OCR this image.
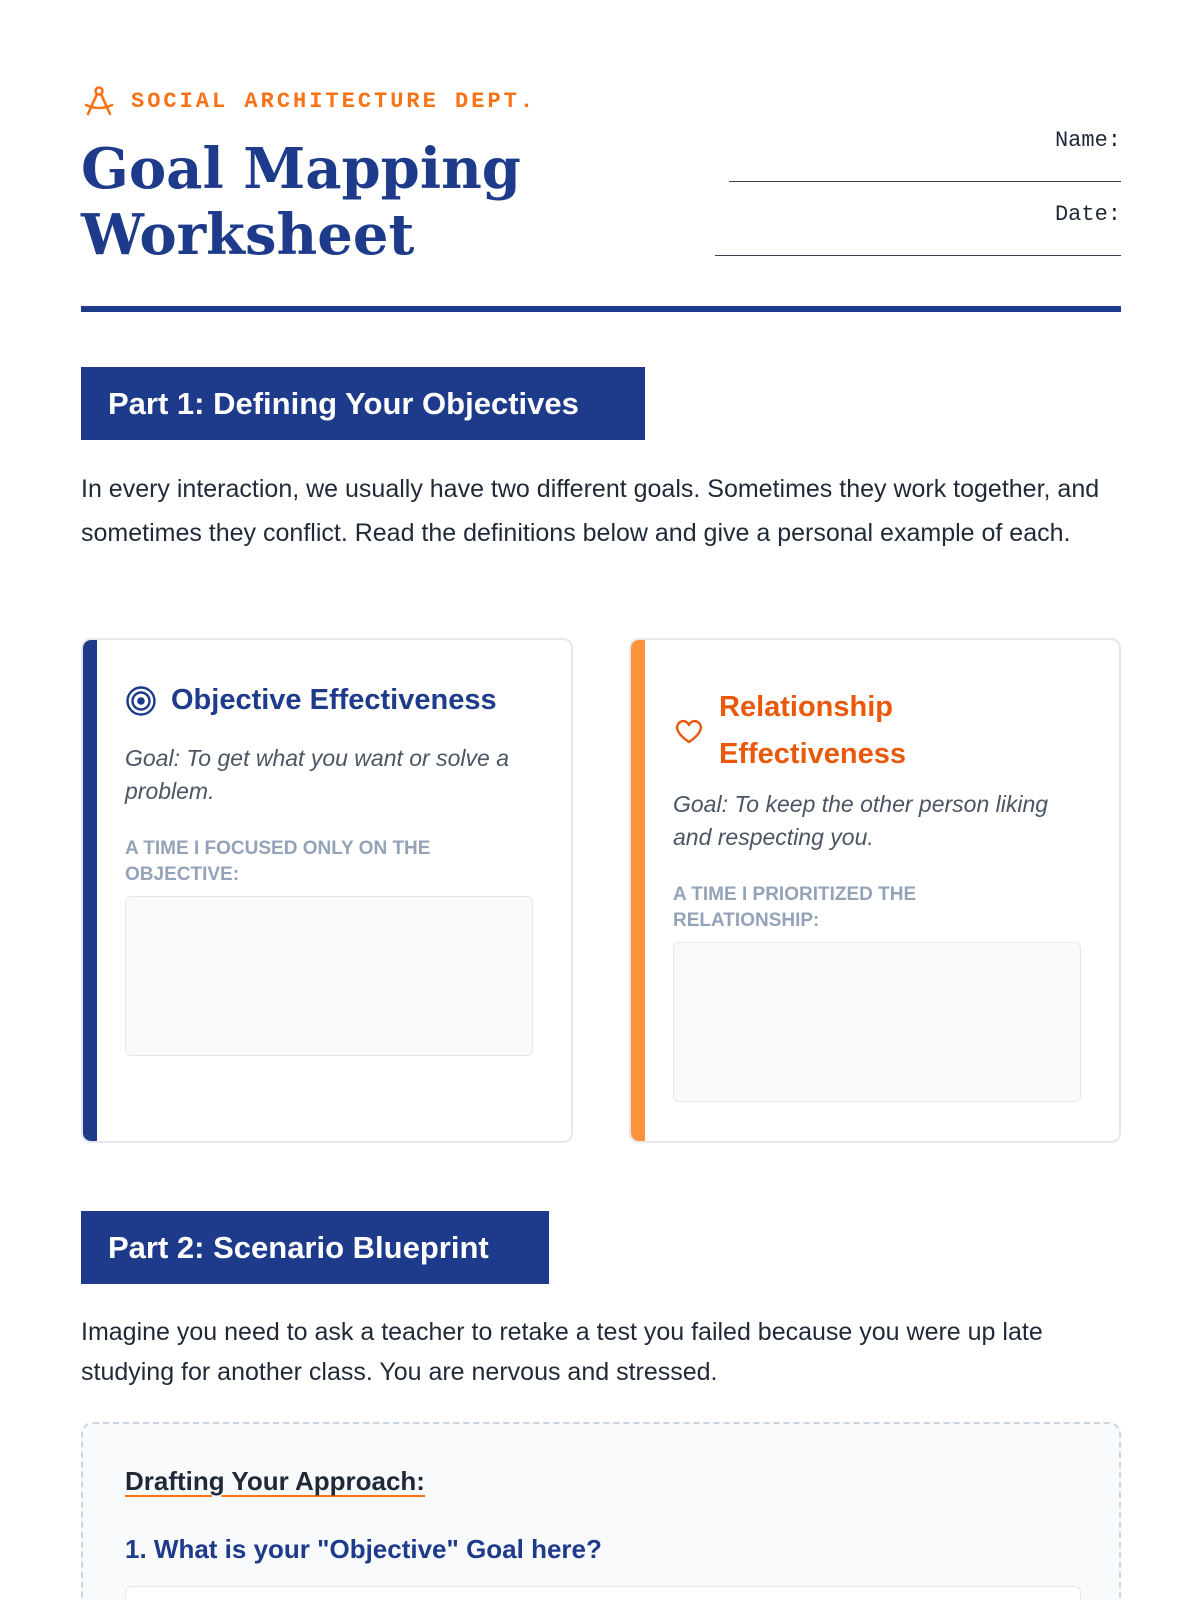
SOCIAL ARCHITECTURE DEPT.
Goal Mapping
Worksheet
Name:
Date:
Part 1: Defining Your Objectives

In every interaction, we usually have two different goals. Sometimes they work together, and sometimes they conflict. Read the definitions below and give a personal example of each.

Objective Effectiveness

Goal: To get what you want or solve a problem.

A TIME I FOCUSED ONLY ON THE OBJECTIVE:

Relationship Effectiveness

Goal: To keep the other person liking and respecting you.

A TIME I PRIORITIZED THE RELATIONSHIP:

Part 2: Scenario Blueprint

Imagine you need to ask a teacher to retake a test you failed because you were up late studying for another class. You are nervous and stressed.

Drafting Your Approach:
1. What is your "Objective" Goal here?
